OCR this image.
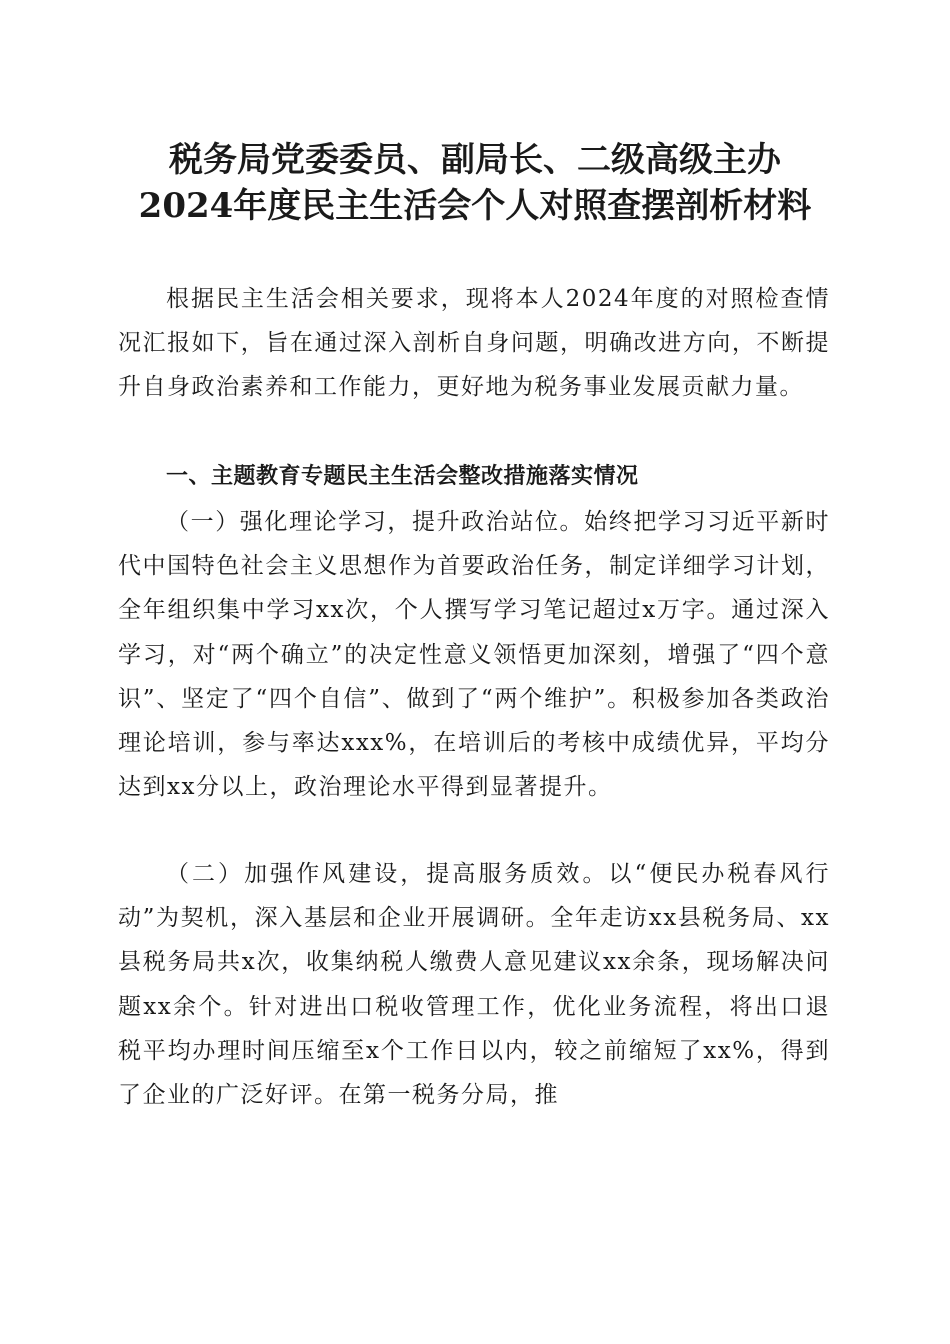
税务局党委委员、副局长、二级高级主办
2024年度民主生活会个人对照查摆剖析材料

根据民主生活会相关要求，现将本人2024年度的对照检查情况汇报如下，旨在通过深入剖析自身问题，明确改进方向，不断提升自身政治素养和工作能力，更好地为税务事业发展贡献力量。

一、主题教育专题民主生活会整改措施落实情况

（一）强化理论学习，提升政治站位。始终把学习习近平新时代中国特色社会主义思想作为首要政治任务，制定详细学习计划，全年组织集中学习xx次，个人撰写学习笔记超过x万字。通过深入学习，对“两个确立”的决定性意义领悟更加深刻，增强了“四个意识”、坚定了“四个自信”、做到了“两个维护”。积极参加各类政治理论培训，参与率达xxx%，在培训后的考核中成绩优异，平均分达到xx分以上，政治理论水平得到显著提升。

（二）加强作风建设，提高服务质效。以“便民办税春风行动”为契机，深入基层和企业开展调研。全年走访xx县税务局、xx县税务局共x次，收集纳税人缴费人意见建议xx余条，现场解决问题xx余个。针对进出口税收管理工作，优化业务流程，将出口退税平均办理时间压缩至x个工作日以内，较之前缩短了xx%，得到了企业的广泛好评。在第一税务分局，推
